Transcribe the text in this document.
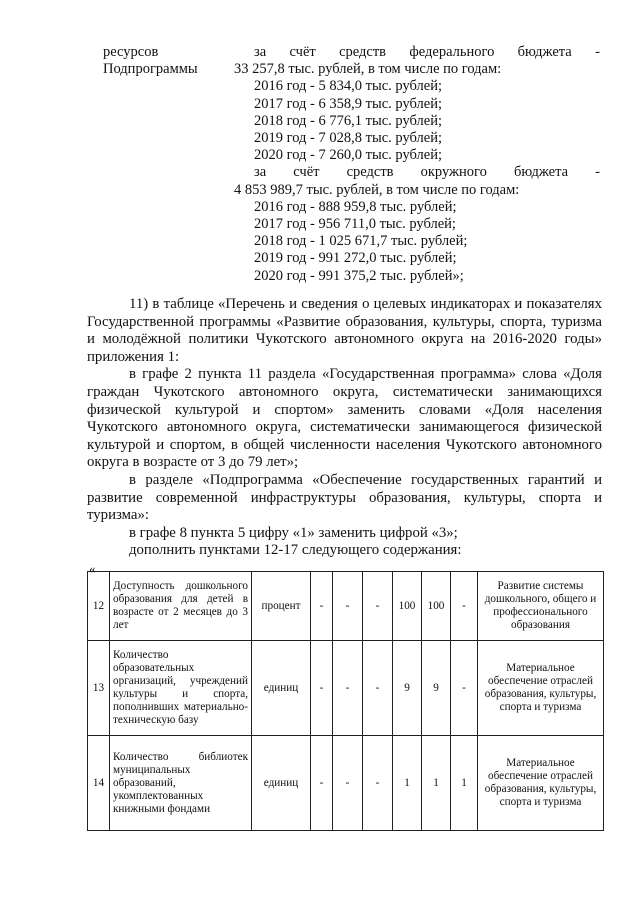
ресурсов
Подпрограммы
за счёт средств федерального бюджета -
33 257,8 тыс. рублей, в том числе по годам:
2016 год - 5 834,0 тыс. рублей;
2017 год - 6 358,9 тыс. рублей;
2018 год - 6 776,1 тыс. рублей;
2019 год - 7 028,8 тыс. рублей;
2020 год - 7 260,0 тыс. рублей;
за счёт средств окружного бюджета -
4 853 989,7 тыс. рублей, в том числе по годам:
2016 год - 888 959,8 тыс. рублей;
2017 год - 956 711,0 тыс. рублей;
2018 год - 1 025 671,7 тыс. рублей;
2019 год - 991 272,0 тыс. рублей;
2020 год - 991 375,2 тыс. рублей»;

11) в таблице «Перечень и сведения о целевых индикаторах и показателях Государственной программы «Развитие образования, культуры, спорта, туризма и молодёжной политики Чукотского автономного округа на 2016-2020 годы» приложения 1:

в графе 2 пункта 11 раздела «Государственная программа» слова «Доля граждан Чукотского автономного округа, систематически занимающихся физической культурой и спортом» заменить словами «Доля населения Чукотского автономного округа, систематически занимающегося физической культурой и спортом, в общей численности населения Чукотского автономного округа в возрасте от 3 до 79 лет»;

в разделе «Подпрограмма «Обеспечение государственных гарантий и развитие современной инфраструктуры образования, культуры, спорта и туризма»:

в графе 8 пункта 5 цифру «1» заменить цифрой «3»;

дополнить пунктами 12-17 следующего содержания:

«
12	Доступность дошкольного образования для детей в возрасте от 2 месяцев до 3 лет	процент	-	-	-	100	100	-	Развитие системы дошкольного, общего и профессионального образования
13	Количество образовательных организаций, учреждений культуры и спорта, пополнивших материально-техническую базу	единиц	-	-	-	9	9	-	Материальное обеспечение отраслей образования, культуры, спорта и туризма
14	Количество библиотек муниципальных образований, укомплектованных книжными фондами	единиц	-	-	-	1	1	1	Материальное обеспечение отраслей образования, культуры, спорта и туризма
